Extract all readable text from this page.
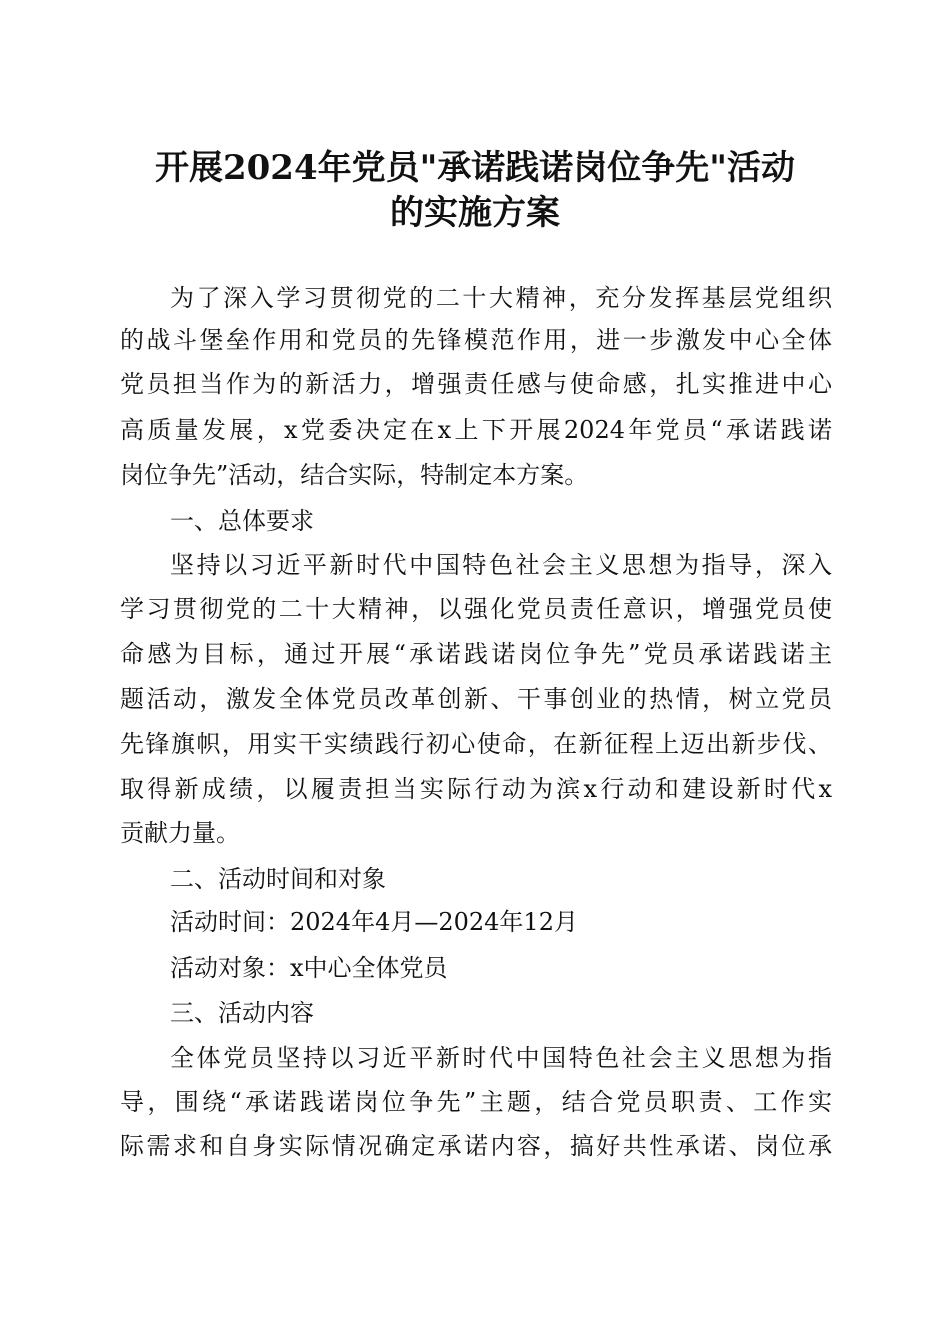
开展2024年党员"承诺践诺岗位争先"活动
的实施方案
为了深入学习贯彻党的二十大精神，充分发挥基层党组织
的战斗堡垒作用和党员的先锋模范作用，进一步激发中心全体
党员担当作为的新活力，增强责任感与使命感，扎实推进中心
高质量发展，x党委决定在x上下开展2024年党员“承诺践诺
岗位争先”活动，结合实际，特制定本方案。
一、总体要求
坚持以习近平新时代中国特色社会主义思想为指导，深入
学习贯彻党的二十大精神，以强化党员责任意识，增强党员使
命感为目标，通过开展“承诺践诺岗位争先”党员承诺践诺主
题活动，激发全体党员改革创新、干事创业的热情，树立党员
先锋旗帜，用实干实绩践行初心使命，在新征程上迈出新步伐、
取得新成绩，以履责担当实际行动为滨x行动和建设新时代x
贡献力量。
二、活动时间和对象
活动时间：2024年4月—2024年12月
活动对象：x中心全体党员
三、活动内容
全体党员坚持以习近平新时代中国特色社会主义思想为指
导，围绕“承诺践诺岗位争先”主题，结合党员职责、工作实
际需求和自身实际情况确定承诺内容，搞好共性承诺、岗位承
